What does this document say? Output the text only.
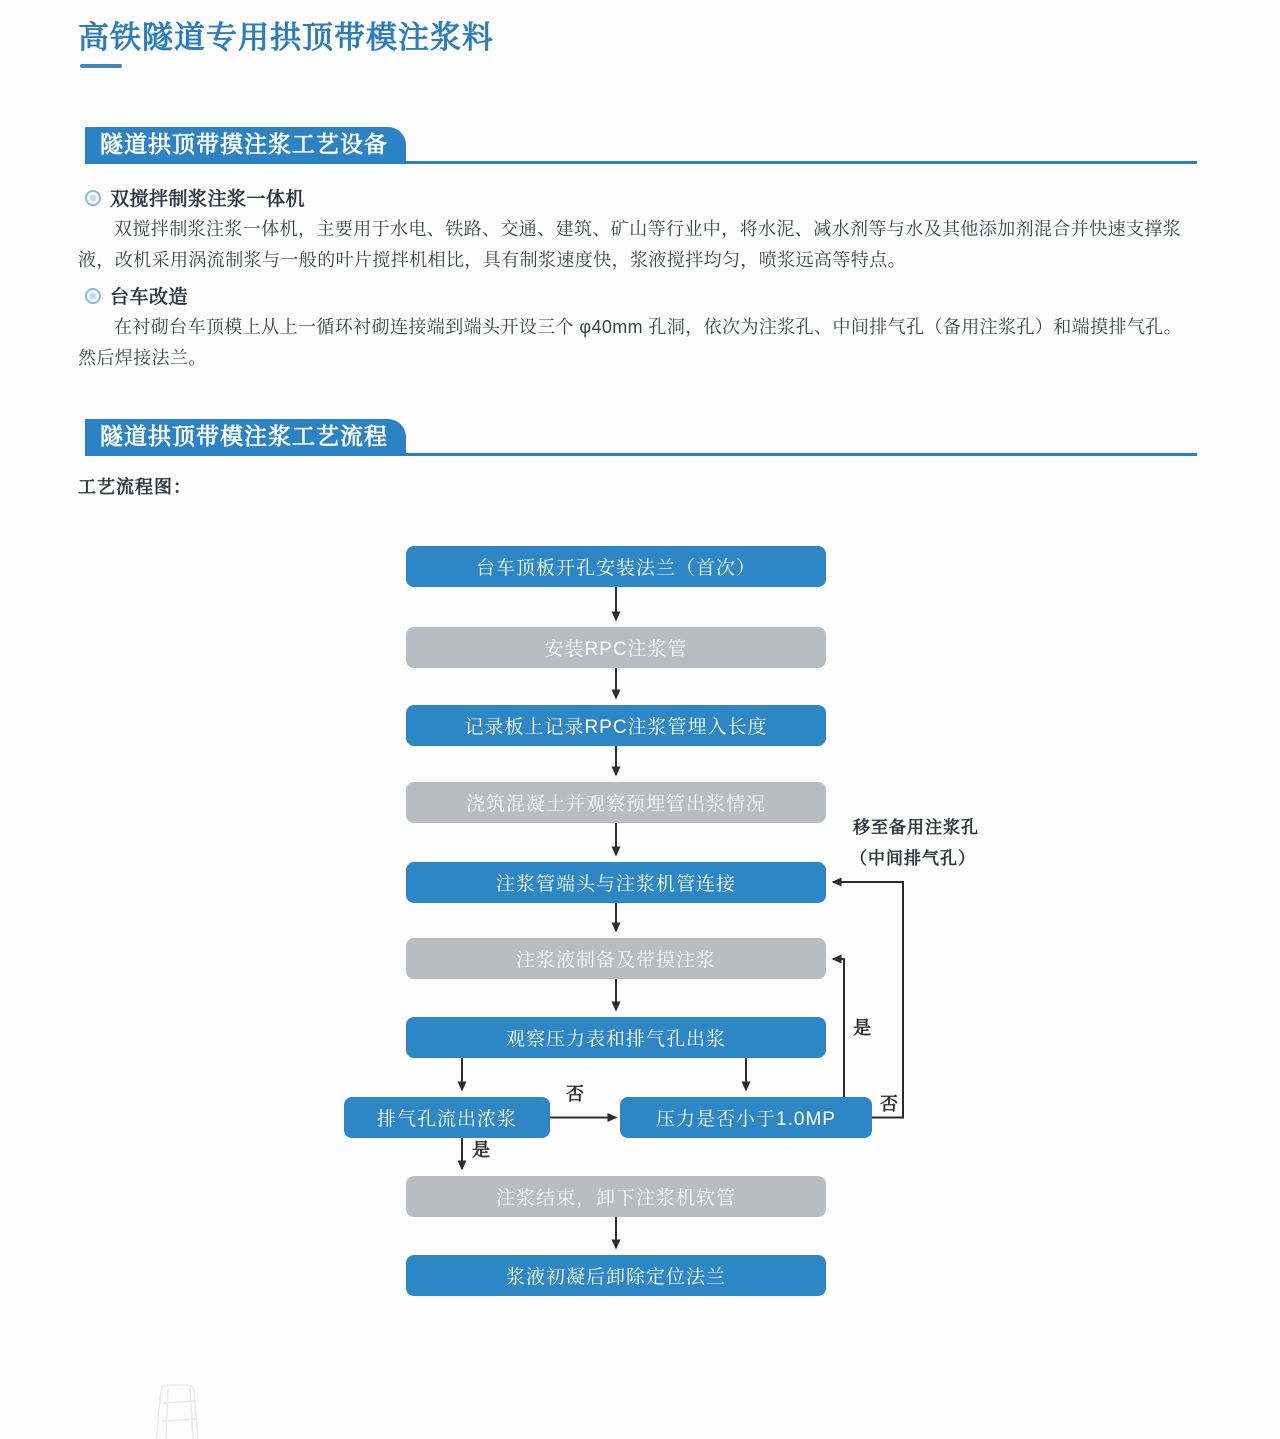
高铁隧道专用拱顶带模注浆料
隧道拱顶带摸注浆工艺设备
双搅拌制浆注浆一体机

双搅拌制浆注浆一体机，主要用于水电、铁路、交通、建筑、矿山等行业中，将水泥、减水剂等与水及其他添加剂混合并快速支撑浆液，改机采用涡流制浆与一般的叶片搅拌机相比，具有制浆速度快，浆液搅拌均匀，喷浆远高等特点。

台车改造

在衬砌台车顶模上从上一循环衬砌连接端到端头开设三个 φ40mm 孔洞，依次为注浆孔、中间排气孔（备用注浆孔）和端摸排气孔。然后焊接法兰。

隧道拱顶带模注浆工艺流程
工艺流程图：
台车顶板开孔安装法兰（首次）
安装RPC注浆管
记录板上记录RPC注浆管埋入长度
浇筑混凝土并观察预埋管出浆情况
注浆管端头与注浆机管连接
注浆液制备及带摸注浆
观察压力表和排气孔出浆
排气孔流出浓浆	压力是否小于1.0MP
注浆结束，卸下注浆机软管
浆液初凝后卸除定位法兰
否
是
是
否
移至备用注浆孔
（中间排气孔）
